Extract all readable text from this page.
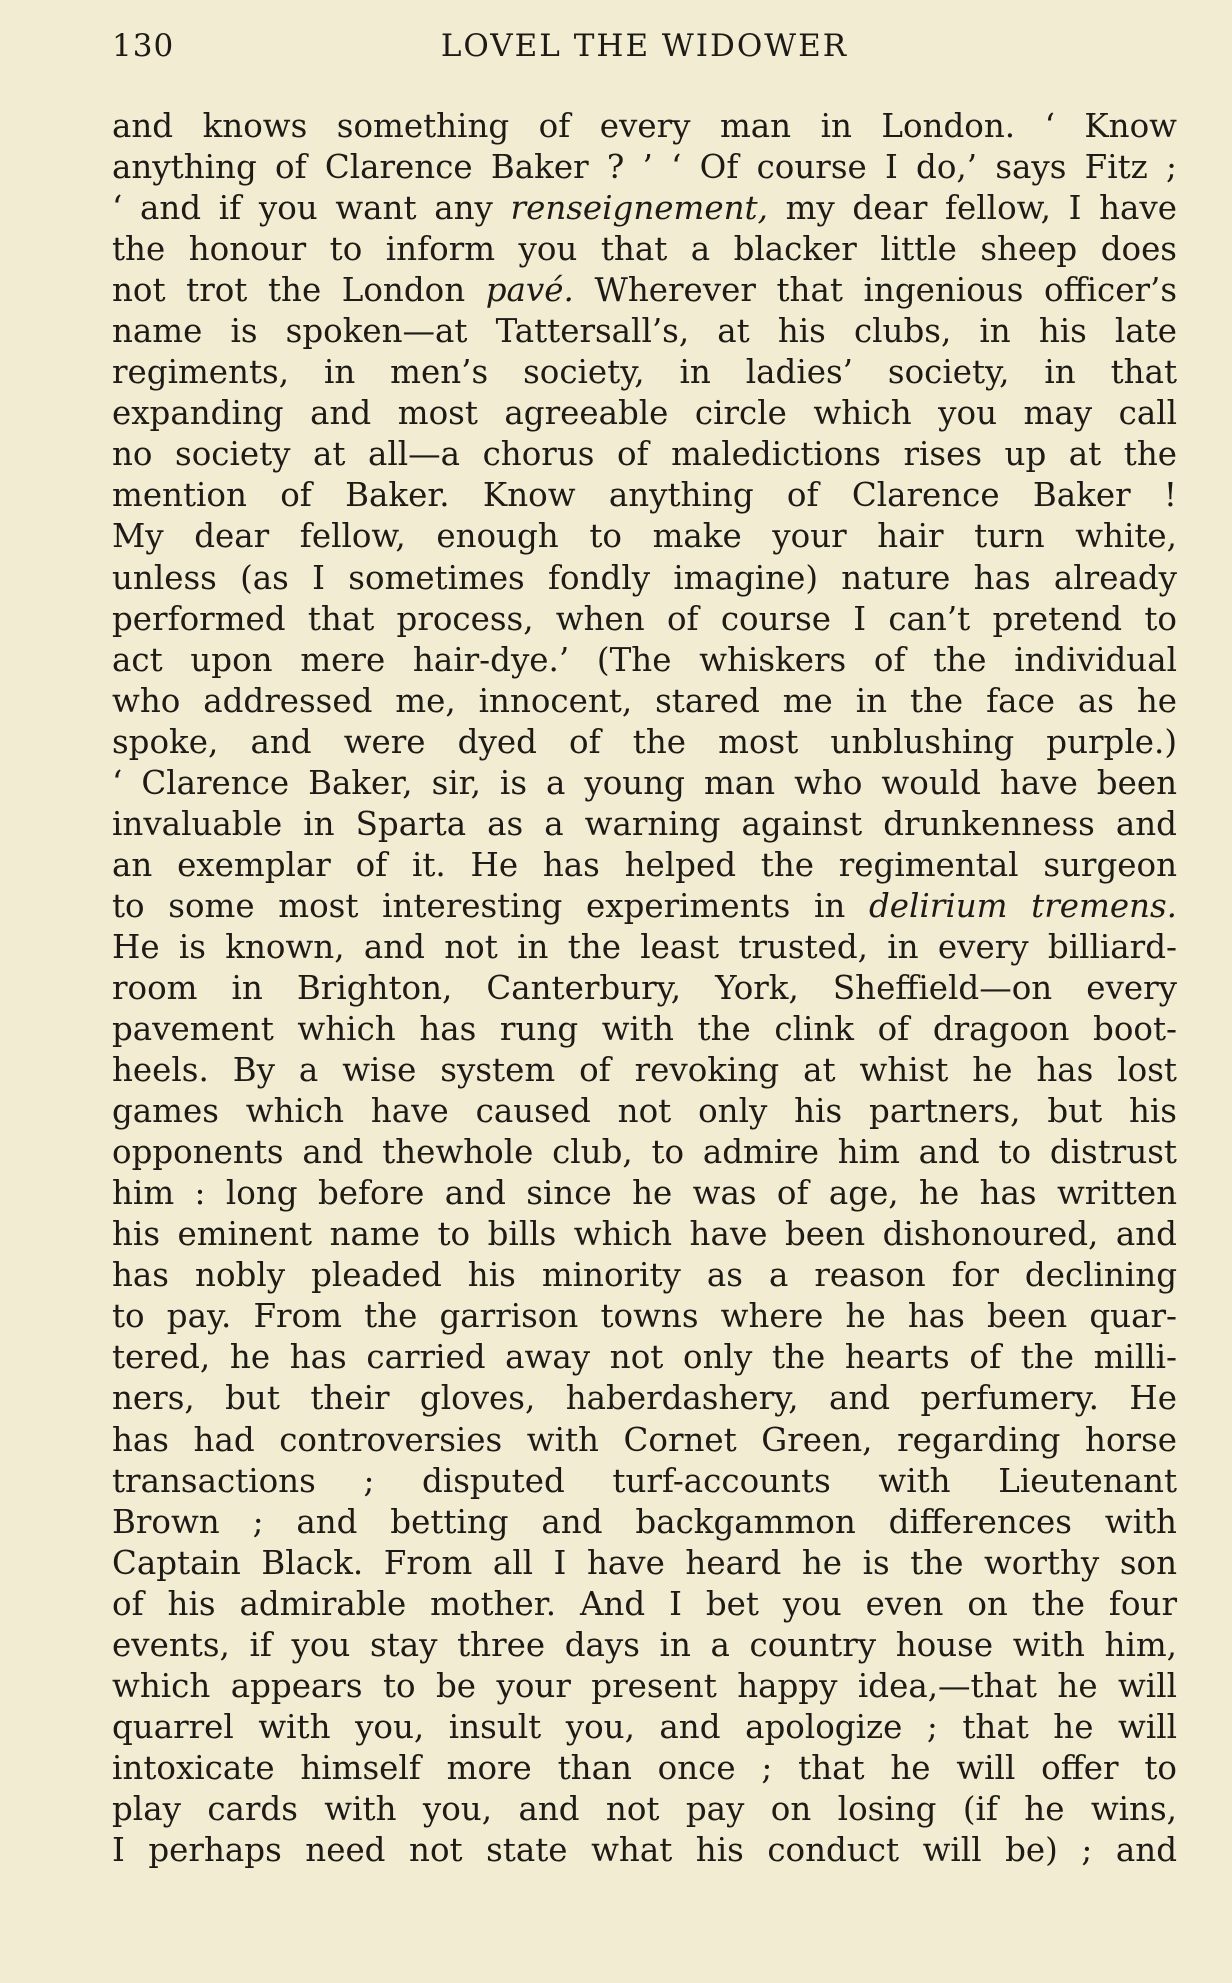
130	LOVEL THE WIDOWER
and knows something of every man in London. ‘ Know
anything of Clarence Baker ? ’ ‘ Of course I do,’ says Fitz ;
‘ and if you want any renseignement, my dear fellow, I have
the honour to inform you that a blacker little sheep does
not trot the London pavé. Wherever that ingenious officer’s
name is spoken—at Tattersall’s, at his clubs, in his late
regiments, in men’s society, in ladies’ society, in that
expanding and most agreeable circle which you may call
no society at all—a chorus of maledictions rises up at the
mention of Baker. Know anything of Clarence Baker !
My dear fellow, enough to make your hair turn white,
unless (as I sometimes fondly imagine) nature has already
performed that process, when of course I can’t pretend to
act upon mere hair-dye.’ (The whiskers of the individual
who addressed me, innocent, stared me in the face as he
spoke, and were dyed of the most unblushing purple.)
‘ Clarence Baker, sir, is a young man who would have been
invaluable in Sparta as a warning against drunkenness and
an exemplar of it. He has helped the regimental surgeon
to some most interesting experiments in delirium tremens.
He is known, and not in the least trusted, in every billiard-
room in Brighton, Canterbury, York, Sheffield—on every
pavement which has rung with the clink of dragoon boot-
heels. By a wise system of revoking at whist he has lost
games which have caused not only his partners, but his
opponents and thewhole club, to admire him and to distrust
him : long before and since he was of age, he has written
his eminent name to bills which have been dishonoured, and
has nobly pleaded his minority as a reason for declining
to pay. From the garrison towns where he has been quar-
tered, he has carried away not only the hearts of the milli-
ners, but their gloves, haberdashery, and perfumery. He
has had controversies with Cornet Green, regarding horse
transactions ; disputed turf-accounts with Lieutenant
Brown ; and betting and backgammon differences with
Captain Black. From all I have heard he is the worthy son
of his admirable mother. And I bet you even on the four
events, if you stay three days in a country house with him,
which appears to be your present happy idea,—that he will
quarrel with you, insult you, and apologize ; that he will
intoxicate himself more than once ; that he will offer to
play cards with you, and not pay on losing (if he wins,
I perhaps need not state what his conduct will be) ; and
